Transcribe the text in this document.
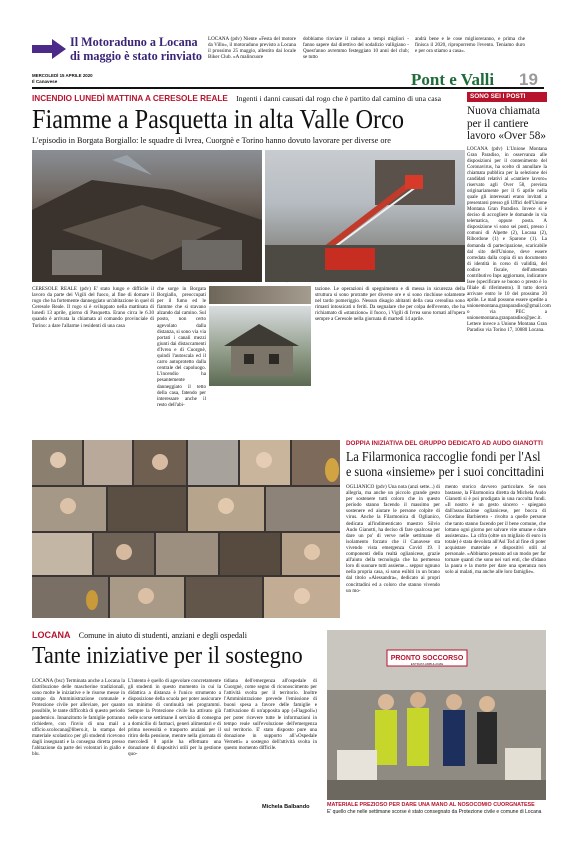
Il Motoraduno a Locana
di maggio è stato rinviato
LOCANA (pdv) Niente «Festa del motore da Villo», il motoraduno previsto a Locana il prossimo 25 maggio, allestito dai locale Biker Club. «A malincuore
dobbiamo rinviare il raduno a tempi migliori - fanno sapere dal direttivo del sodalizio valligiano - Quest'anno avremmo festeggiato 10 anni del club; se tutto
andrà bene e le cose miglioreranno, e prima che finisca il 2020, riproporremo l'evento. Teniamo duro e per ora stiamo a casa».
MERCOLEDÌ 15 APRILE 2020
Il Canavese	Pont e Valli 19
INCENDIO LUNEDÌ MATTINA A CERESOLE REALE Ingenti i danni causati dal rogo che è partito dal camino di una casa
Fiamme a Pasquetta in alta Valle Orco
L'episodio in Borgata Borgiallo: le squadre di Ivrea, Cuorgnè e Torino hanno dovuto lavorare per diverse ore
CERESOLE REALE (pdv) E' stato lungo e difficile il lavoro da parte dei Vigili del fuoco, al fine di domare il rogo che ha fortemente danneggiato un'abitazione in quel di Ceresole Reale. Il rogo si è sviluppato nella mattinata di lunedì 13 aprile, giorno di Pasquetta. Erano circa le 6.30 quando è arrivata la chiamata al comando provinciale di Torino: a dare l'allarme i residenti di una casa
che sorge in Borgata Borgiallo, preoccupati per il fumo ed le fiamme che si stavano alzando dal camino. Sul posto, non certo agevolato dalla distanza, si sono via via portati i canali mezzi giunti dai distaccamenti d'Ivrea e di Cuorgnè, quindi l'autoscala ed il carro autoprotetto dalla centrale del capoluogo. L'incendio ha pesantemente danneggiato il tetto della casa, fatendo per interessare anche il resto dell'abi-
tazione. Le operazioni di spegnimento e di messa in sicurezza della struttura si sono protratte per diverse ore e si sono rinchiuse solamente nel tardo pomeriggio. Nessun disagio abitanti della casa cerealina sono rimasti intossicati o feriti. Da segnalare che per colpa dell'evento, che ha richiamato di «stanziono» il fuoco, i Vigili di Ivrea sono tornati all'opera sempre a Ceresole nella giornata di martedì 14 aprile.
SONO SEI I POSTI
Nuova chiamata per il cantiere lavoro «Over 58»
LOCANA (pdv) L'Unione Montana Gran Paradiso, in osservanza alle disposizioni per il contenimento del Coronavirus, ha scelto di annullare la chiamata pubblica per la selezione dei candidati relativi al «cantiere lavoro» riservato agli Over 58, prevista originariamente per il 6 aprile nella quale gli interessati erano invitati a presentarsi presso gli Uffici dell'Unione Montana Gran Paradiso. Invece si è deciso di accogliere le domande in via telematica, oppure posta. A disposizione vi sono sei posti, presso i comuni di Alpette (2), Locana (2), Ribordone (1) e Sparone (1). La domanda di partecipazione, scaricabile dal sito dell'Unione, deve essere corredata dalla copia di un documento di identità in corso di validità, del codice fiscale, dell'attestato contributivo Inps aggiornato, indicatore Isee (specificare se buono o presto è lo filiale di riferimento). Il tutto dovrà arrivare entro le 10 del prossimo 20 aprile. Le mail possono essere spedite a unionemontana.granparadiso@gmail.com o via PEC a unionemontana.granparadiso@pec.it. Lettere invece a Unione Montana Gran Paradiso via Torino 17, 10080 Locana.
DOPPIA INIZIATIVA DEL GRUPPO DEDICATO AD AUDO GIANOTTI
La Filarmonica raccoglie fondi per l'Asl
e suona «insieme» per i suoi concittadini
OGLIANICO (pdv) Una nota (anzi sette...) di allegria, ma anche un piccolo grande gesto per sostenere tutti coloro che in questo periodo stanno facendo il massimo per sostenere ed aiutare le persone colpite di virus. Anche la Filarmonica di Oglianico, dedicata all'indimenticato maestro Silvio Audo Gianotti, ha deciso di fare qualcosa per dare un po' di verve nelle settimane di isolamento forzato che il Canavese sta vivendo vista emergenza Covid 19. I componenti della realtà oglianicese, grazie all'aiuto della tecnologia che ha permesso loro di suonare tutti assieme... seppur ognuno nella propria casa, si sono esibiti in un brano dal titolo «Alessandra», dedicato ai propri concittadini ed a coloro che stanno vivendo un mo-
mento storico davvero particolare. Se non bastasse, la Filarmonica diretta da Michela Audo Gianotti si è poi prodigata in una raccolta fondi. «Il nostro è un gesto sincero - spiegano dall'associazione oglianicese, per bocca di Giordano Barbiereto - rivolto a quelle persone che tanto stanno facendo per il bene comune, che lottano ogni giorno per salvare vite umane e dare assistenza». La cifra (oltre un migliaio di euro in totale) è stata devoluta all'Asl To4 al fine di poter acquistare materiale e dispositivi utili al personale. «Abbiamo pensato ad un modo per far tornare quanti che sono nei vari enti, che sfidano la paura e la morte per dare una speranza non solo ai malati, ma anche alle loro famiglie».
LOCANA Comune in aiuto di studenti, anziani e degli ospedali
Tante iniziative per il sostegno
LOCANA (bsc) Terminata anche a Locana la distribuzione delle mascherine tradizionali, sono molte le iniziative e le risorse messe in campo da Amministrazione comunale e Protezione civile per alleviare, per quanto possibile, le tante difficoltà di questo periodo pandemico. Innanzitutto le famiglie potranno richiedere, con l'invio di una mail a ufficio.scolocana@libero.it, la stampa del materiale scolastico per gli studenti ricevono dagli insegnanti e la consegna diretta presso l'abitazione da parte dei volontari in giallo e blu.
L'intento è quello di agevolare concretamente gli studenti in questo momento in cui la didattica a distanza è l'unico strumento a disposizione della scuola per poter assicurare un minimo di continuità nei programmi. Sempre la Protezione civile ha attivato già nelle scorse settimane il servizio di consegna a domicilio di farmaci, generi alimentari e di prima necessità e trasporto anziani per il ritiro della pensione, mentre nella giornata di mercoledì 8 aprile ha effettuato una donazione di dispositivi utili per la gestione quo-
tidiana dell'emergenza all'ospedale di Cuorgnè, come segno di riconoscimento per l'attività svolta per il territorio. Inoltre l'Amministrazione prevede l'emissione di buoni spesa a favore delle famiglie e l'attivazione di un'apposita app («Flagpoli») per poter ricevere tutte le informazioni in tempo reale sull'evoluzione dell'emergenza sul territorio. E' stato disposto pure una donazione in supporto all'«Ospedale Vernetti» a sostegno dell'attività svolta in questo momento difficile.
Michela Balbando
PRONTO SOCCORSO
ENTRATA AMBULANZE
MATERIALE PREZIOSO PER DARE UNA MANO AL NOSOCOMIO CUORGNATESE
E' quello che nelle settimane scorse è stato consegnato da Protezione civile e comune di Locana
